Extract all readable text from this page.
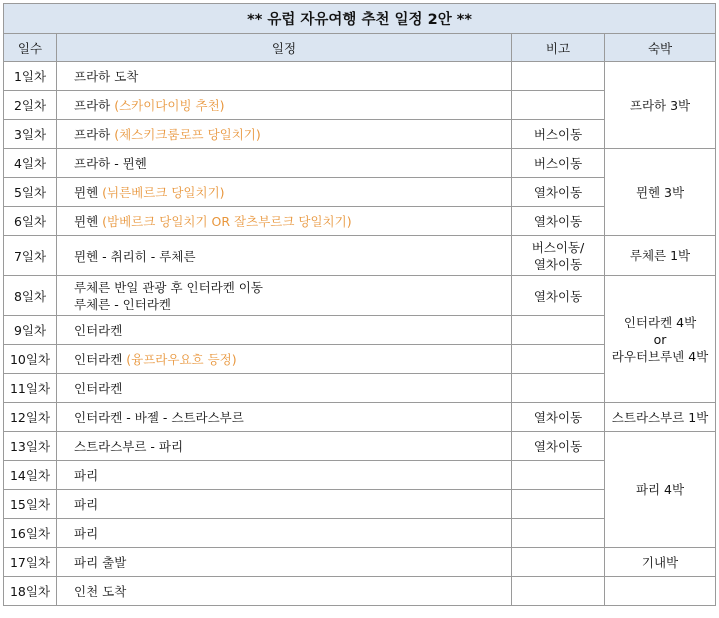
** 유럽 자유여행 추천 일정 2안 **			
일수	일정	비고	숙박
1일차	프라하 도착		프라하 3박
2일차	프라하 (스카이다이빙 추천)		
3일차	프라하 (체스키크룸로프 당일치기)	버스이동	
4일차	프라하 - 뮌헨	버스이동	뮌헨 3박
5일차	뮌헨 (뉘른베르크 당일치기)	열차이동	
6일차	뮌헨 (밤베르크 당일치기 OR 잘츠부르크 당일치기)	열차이동	
7일차	뮌헨 - 취리히 - 루체른	버스이동/
열차이동	루체른 1박
8일차	루체른 반일 관광 후 인터라켄 이동
루체른 - 인터라켄	열차이동	인터라켄 4박
or
라우터브루넨 4박

9일차	인터라켄		
10일차	인터라켄 (융프라우요흐 등정)		
11일차	인터라켄		
12일차	인터라켄 - 바젤 - 스트라스부르	열차이동	스트라스부르 1박
13일차	스트라스부르 - 파리	열차이동	파리 4박
14일차	파리		
15일차	파리		
16일차	파리		
17일차	파리 출발		기내박
18일차	인천 도착		
